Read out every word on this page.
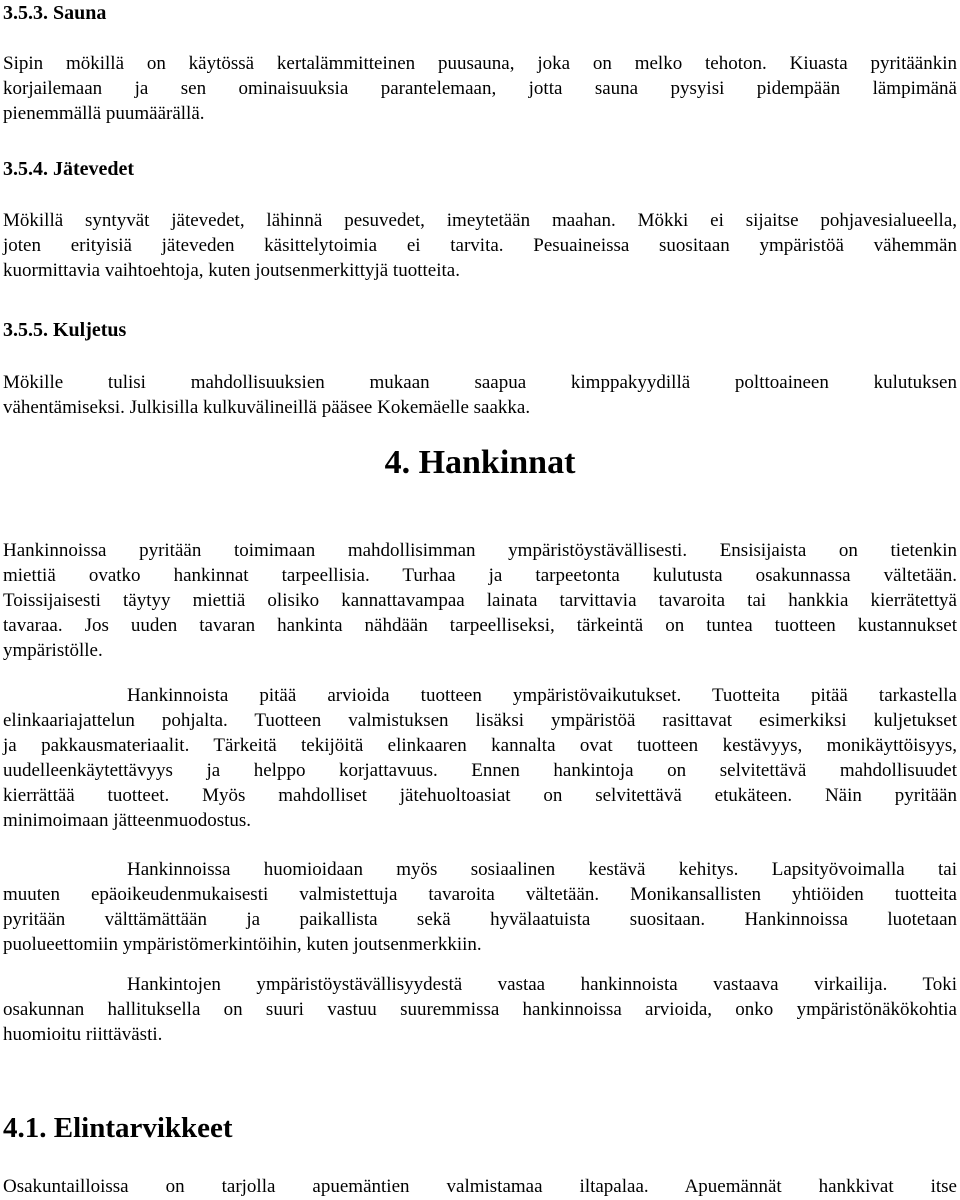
3.5.3. Sauna
Sipin mökillä on käytössä kertalämmitteinen puusauna, joka on melko tehoton. Kiuasta pyritäänkin
korjailemaan ja sen ominaisuuksia parantelemaan, jotta sauna pysyisi pidempään lämpimänä
pienemmällä puumäärällä.
3.5.4. Jätevedet
Mökillä syntyvät jätevedet, lähinnä pesuvedet, imeytetään maahan. Mökki ei sijaitse pohjavesialueella,
joten erityisiä jäteveden käsittelytoimia ei tarvita. Pesuaineissa suositaan ympäristöä vähemmän
kuormittavia vaihtoehtoja, kuten joutsenmerkittyjä tuotteita.
3.5.5. Kuljetus
Mökille tulisi mahdollisuuksien mukaan saapua kimppakyydillä polttoaineen kulutuksen
vähentämiseksi. Julkisilla kulkuvälineillä pääsee Kokemäelle saakka.
4. Hankinnat
Hankinnoissa pyritään toimimaan mahdollisimman ympäristöystävällisesti. Ensisijaista on tietenkin
miettiä ovatko hankinnat tarpeellisia. Turhaa ja tarpeetonta kulutusta osakunnassa vältetään.
Toissijaisesti täytyy miettiä olisiko kannattavampaa lainata tarvittavia tavaroita tai hankkia kierrätettyä
tavaraa. Jos uuden tavaran hankinta nähdään tarpeelliseksi, tärkeintä on tuntea tuotteen kustannukset
ympäristölle.
Hankinnoista pitää arvioida tuotteen ympäristövaikutukset. Tuotteita pitää tarkastella
elinkaariajattelun pohjalta. Tuotteen valmistuksen lisäksi ympäristöä rasittavat esimerkiksi kuljetukset
ja pakkausmateriaalit. Tärkeitä tekijöitä elinkaaren kannalta ovat tuotteen kestävyys, monikäyttöisyys,
uudelleenkäytettävyys ja helppo korjattavuus. Ennen hankintoja on selvitettävä mahdollisuudet
kierrättää tuotteet. Myös mahdolliset jätehuoltoasiat on selvitettävä etukäteen. Näin pyritään
minimoimaan jätteenmuodostus.
Hankinnoissa huomioidaan myös sosiaalinen kestävä kehitys. Lapsityövoimalla tai
muuten epäoikeudenmukaisesti valmistettuja tavaroita vältetään. Monikansallisten yhtiöiden tuotteita
pyritään välttämättään ja paikallista sekä hyvälaatuista suositaan. Hankinnoissa luotetaan
puolueettomiin ympäristömerkintöihin, kuten joutsenmerkkiin.
Hankintojen ympäristöystävällisyydestä vastaa hankinnoista vastaava virkailija. Toki
osakunnan hallituksella on suuri vastuu suuremmissa hankinnoissa arvioida, onko ympäristönäkökohtia
huomioitu riittävästi.
4.1. Elintarvikkeet
Osakuntailloissa on tarjolla apuemäntien valmistamaa iltapalaa. Apuemännät hankkivat itse
